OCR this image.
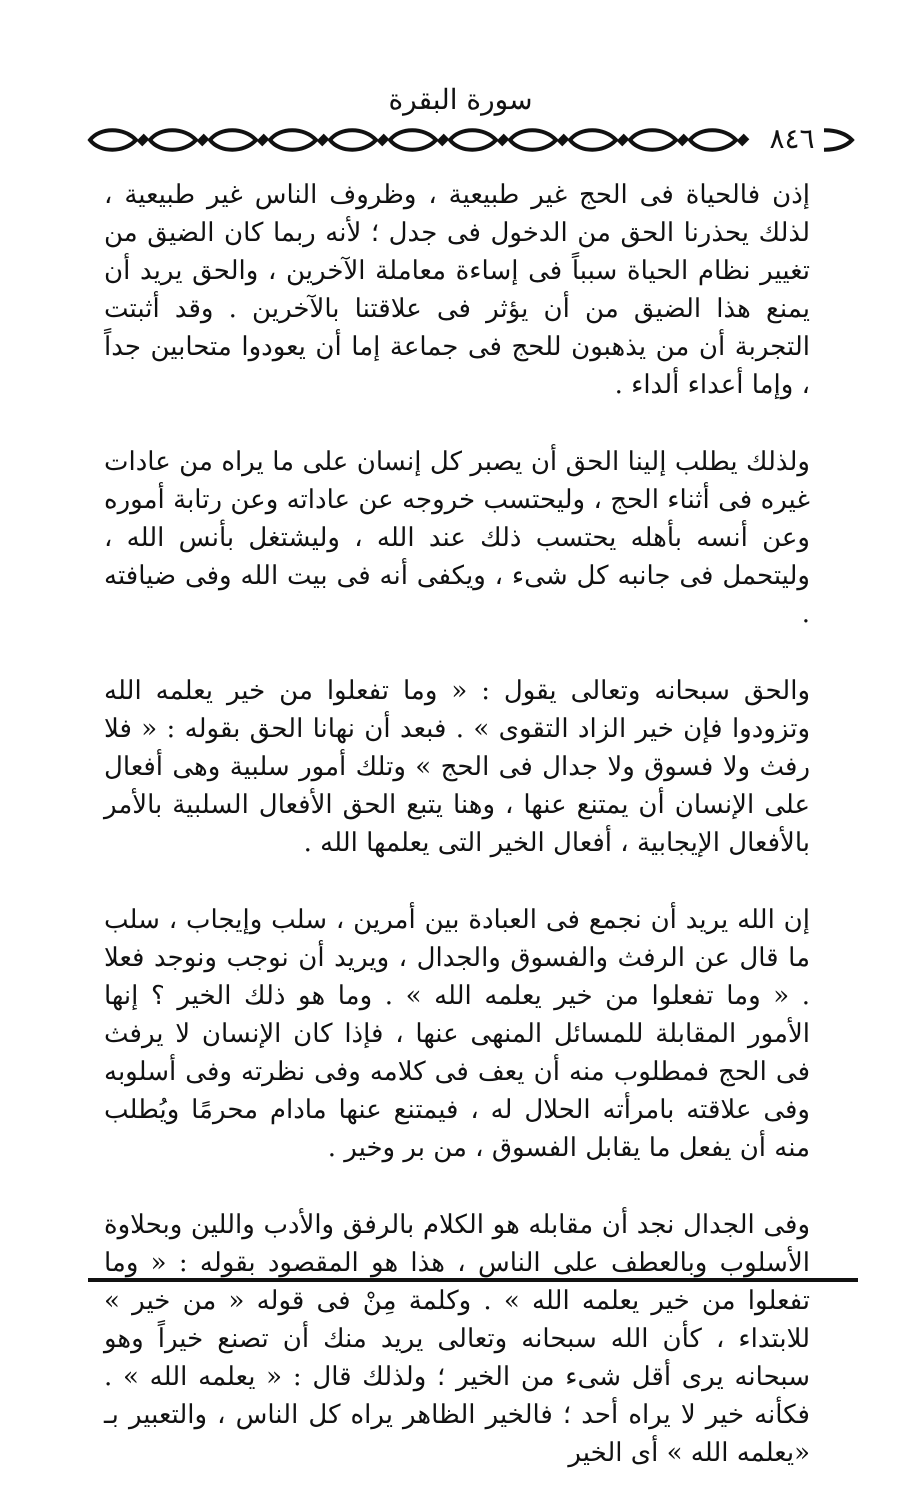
سورة البقرة
٨٤٦

إذن فالحياة فى الحج غير طبيعية ، وظروف الناس غير طبيعية ، لذلك يحذرنا الحق من الدخول فى جدل ؛ لأنه ربما كان الضيق من تغيير نظام الحياة سبباً فى إساءة معاملة الآخرين ، والحق يريد أن يمنع هذا الضيق من أن يؤثر فى علاقتنا بالآخرين . وقد أثبتت التجربة أن من يذهبون للحج فى جماعة إما أن يعودوا متحابين جداً ، وإما أعداء ألداء .

ولذلك يطلب إلينا الحق أن يصبر كل إنسان على ما يراه من عادات غيره فى أثناء الحج ، وليحتسب خروجه عن عاداته وعن رتابة أموره وعن أنسه بأهله يحتسب ذلك عند الله ، وليشتغل بأنس الله ، وليتحمل فى جانبه كل شىء ، ويكفى أنه فى بيت الله وفى ضيافته .

والحق سبحانه وتعالى يقول : « وما تفعلوا من خير يعلمه الله وتزودوا فإن خير الزاد التقوى » . فبعد أن نهانا الحق بقوله : « فلا رفث ولا فسوق ولا جدال فى الحج » وتلك أمور سلبية وهى أفعال على الإنسان أن يمتنع عنها ، وهنا يتبع الحق الأفعال السلبية بالأمر بالأفعال الإيجابية ، أفعال الخير التى يعلمها الله .

إن الله يريد أن نجمع فى العبادة بين أمرين ، سلب وإيجاب ، سلب ما قال عن الرفث والفسوق والجدال ، ويريد أن نوجب ونوجد فعلا . « وما تفعلوا من خير يعلمه الله » . وما هو ذلك الخير ؟ إنها الأمور المقابلة للمسائل المنهى عنها ، فإذا كان الإنسان لا يرفث فى الحج فمطلوب منه أن يعف فى كلامه وفى نظرته وفى أسلوبه وفى علاقته بامرأته الحلال له ، فيمتنع عنها مادام محرمًا ويُطلب منه أن يفعل ما يقابل الفسوق ، من بر وخير .

وفى الجدال نجد أن مقابله هو الكلام بالرفق والأدب واللين وبحلاوة الأسلوب وبالعطف على الناس ، هذا هو المقصود بقوله : « وما تفعلوا من خير يعلمه الله » . وكلمة مِنْ فى قوله « من خير » للابتداء ، كأن الله سبحانه وتعالى يريد منك أن تصنع خيراً وهو سبحانه يرى أقل شىء من الخير ؛ ولذلك قال : « يعلمه الله » . فكأنه خير لا يراه أحد ؛ فالخير الظاهر يراه كل الناس ، والتعبير بـ «يعلمه الله » أى الخير
